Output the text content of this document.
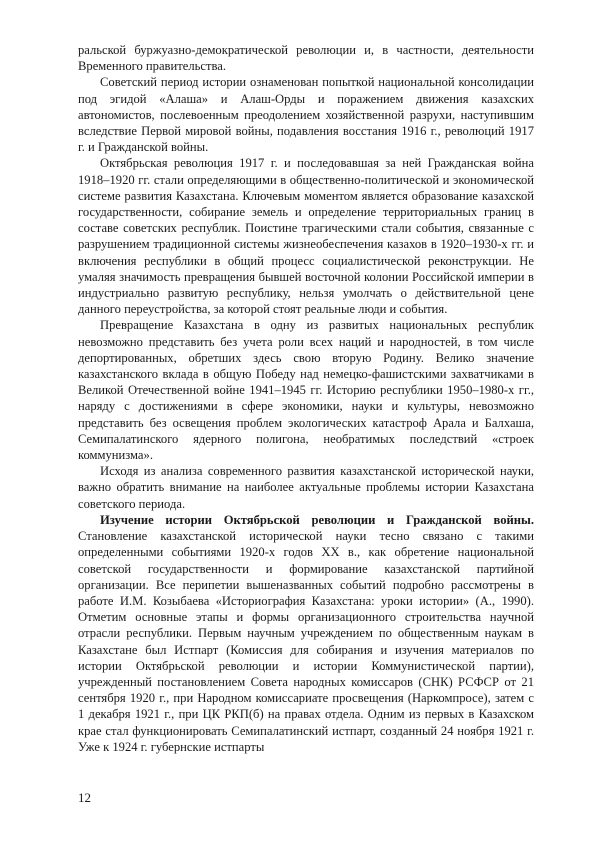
ральской буржуазно-демократической революции и, в частности, деятельности Временного правительства.

Советский период истории ознаменован попыткой национальной консолидации под эгидой «Алаша» и Алаш-Орды и поражением движения казахских автономистов, послевоенным преодолением хозяйственной разрухи, наступившим вследствие Первой мировой войны, подавления восстания 1916 г., революций 1917 г. и Гражданской войны.

Октябрьская революция 1917 г. и последовавшая за ней Гражданская война 1918–1920 гг. стали определяющими в общественно-политической и экономической системе развития Казахстана. Ключевым моментом является образование казахской государственности, собирание земель и определение территориальных границ в составе советских республик. Поистине трагическими стали события, связанные с разрушением традиционной системы жизнеобеспечения казахов в 1920–1930-х гг. и включения республики в общий процесс социалистической реконструкции. Не умаляя значимость превращения бывшей восточной колонии Российской империи в индустриально развитую республику, нельзя умолчать о действительной цене данного переустройства, за которой стоят реальные люди и события.

Превращение Казахстана в одну из развитых национальных республик невозможно представить без учета роли всех наций и народностей, в том числе депортированных, обретших здесь свою вторую Родину. Велико значение казахстанского вклада в общую Победу над немецко-фашистскими захватчиками в Великой Отечественной войне 1941–1945 гг. Историю республики 1950–1980-х гг., наряду с достижениями в сфере экономики, науки и культуры, невозможно представить без освещения проблем экологических катастроф Арала и Балхаша, Семипалатинского ядерного полигона, необратимых последствий «строек коммунизма».

Исходя из анализа современного развития казахстанской исторической науки, важно обратить внимание на наиболее актуальные проблемы истории Казахстана советского периода.

Изучение истории Октябрьской революции и Гражданской войны. Становление казахстанской исторической науки тесно связано с такими определенными событиями 1920-х годов XX в., как обретение национальной советской государственности и формирование казахстанской партийной организации. Все перипетии вышеназванных событий подробно рассмотрены в работе И.М. Козыбаева «Историография Казахстана: уроки истории» (А., 1990). Отметим основные этапы и формы организационного строительства научной отрасли республики. Первым научным учреждением по общественным наукам в Казахстане был Истпарт (Комиссия для собирания и изучения материалов по истории Октябрьской революции и истории Коммунистической партии), учрежденный постановлением Совета народных комиссаров (СНК) РСФСР от 21 сентября 1920 г., при Народном комиссариате просвещения (Наркомпросе), затем с 1 декабря 1921 г., при ЦК РКП(б) на правах отдела. Одним из первых в Казахском крае стал функционировать Семипалатинский истпарт, созданный 24 ноября 1921 г. Уже к 1924 г. губернские истпарты

12
